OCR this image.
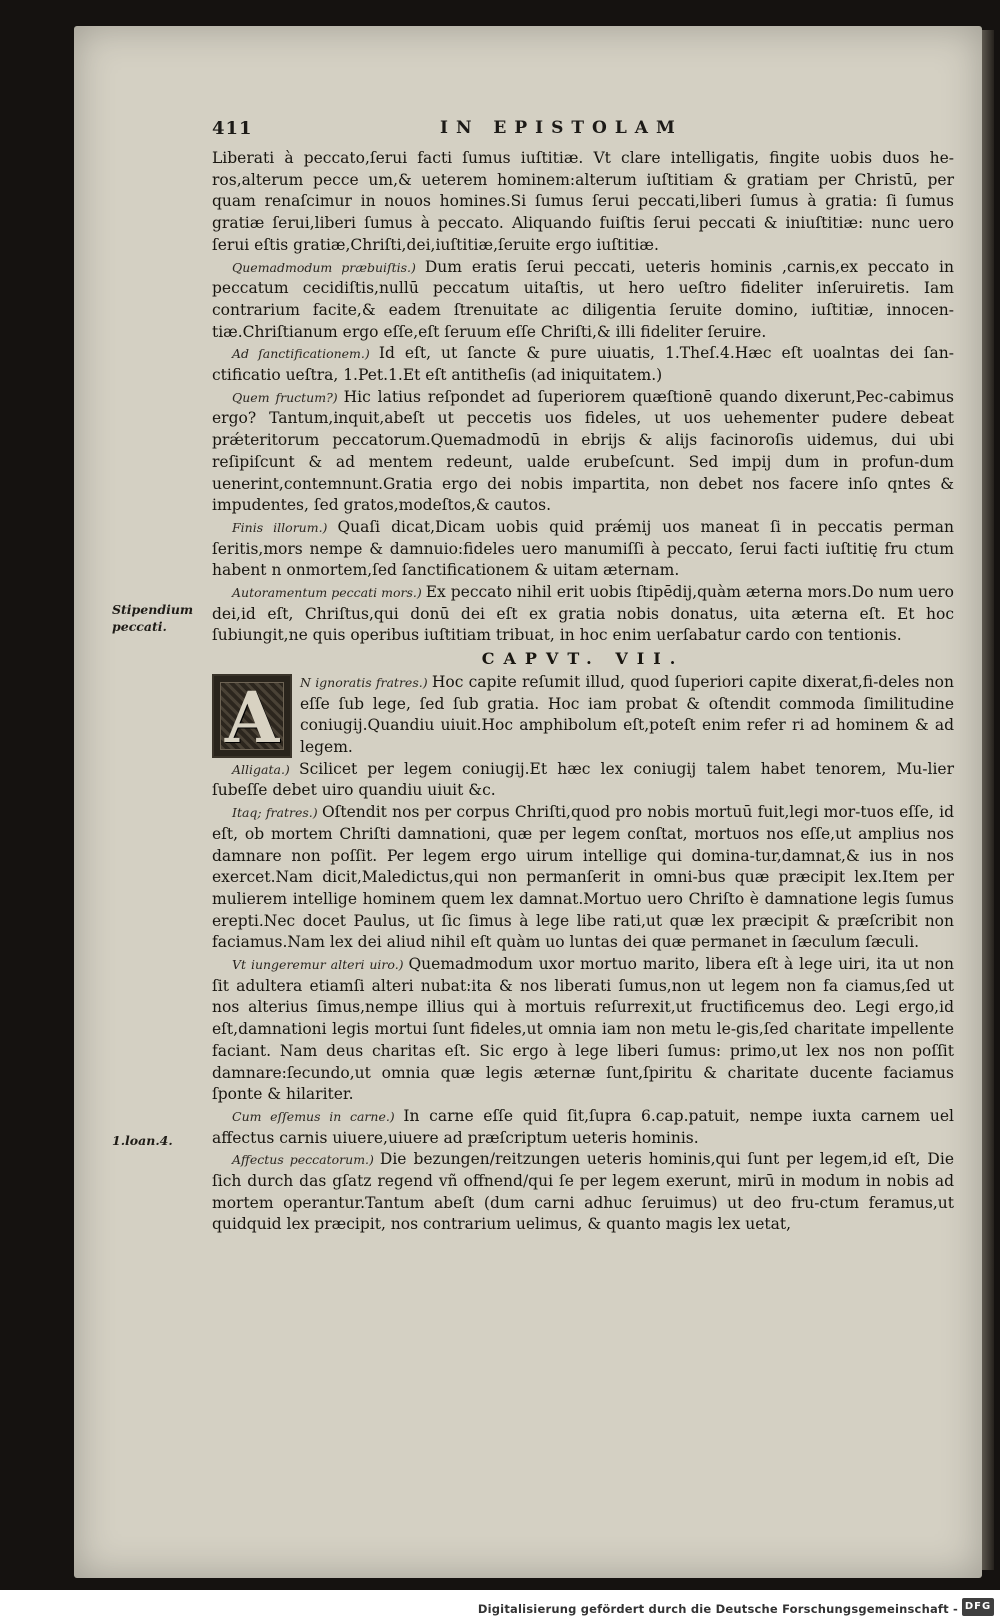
411	IN EPISTOLAM
Stipendium peccati.
1.loan.4.

Liberati à peccato,ſerui facti ſumus iuſtitiæ. Vt clare intelligatis, fingite uobis duos he-ros,alterum pecce um,& ueterem hominem:alterum iuſtitiam & gratiam per Christū, per quam renaſcimur in nouos homines.Si ſumus ſerui peccati,liberi ſumus à gratia: ſi ſumus gratiæ ſerui,liberi ſumus à peccato. Aliquando fuiſtis ſerui peccati & iniuſtitiæ: nunc uero ſerui eſtis gratiæ,Chriſti,dei,iuſtitiæ,ſeruite ergo iuſtitiæ.

Quemadmodum præbuiſtis.) Dum eratis ſerui peccati, ueteris hominis ,carnis,ex peccato in peccatum cecidiſtis,nullū peccatum uitaſtis, ut hero ueſtro fideliter inſeruiretis. Iam contrarium facite,& eadem ſtrenuitate ac diligentia ſeruite domino, iuſtitiæ, innocen-tiæ.Chriſtianum ergo eſſe,eſt ſeruum eſſe Chriſti,& illi fideliter ſeruire.

Ad ſanctificationem.) Id eſt, ut ſancte & pure uiuatis, 1.Theſ.4.Hæc eſt uoalntas dei ſan-ctificatio ueſtra, 1.Pet.1.Et eſt antitheſis (ad iniquitatem.)

Quem fructum?) Hic latius reſpondet ad ſuperiorem quæſtionē quando dixerunt,Pec-cabimus ergo? Tantum,inquit,abeſt ut peccetis uos fideles, ut uos uehementer pudere debeat prǽteritorum peccatorum.Quemadmodū in ebrijs & alijs facinoroſis uidemus, dui ubi reſipiſcunt & ad mentem redeunt, ualde erubeſcunt. Sed impij dum in profun-dum uenerint,contemnunt.Gratia ergo dei nobis impartita, non debet nos facere inſo qntes & impudentes, ſed gratos,modeſtos,& cautos.

Finis illorum.) Quaſi dicat,Dicam uobis quid prǽmij uos maneat ſi in peccatis perman ſeritis,mors nempe & damnuio:fideles uero manumiſſi à peccato, ſerui facti iuſtitię fru ctum habent n onmortem,ſed ſanctificationem & uitam æternam.

Autoramentum peccati mors.) Ex peccato nihil erit uobis ſtipēdij,quàm æterna mors.Do num uero dei,id eſt, Chriſtus,qui donū dei eſt ex gratia nobis donatus, uita æterna eſt. Et hoc ſubiungit,ne quis operibus iuſtitiam tribuat, in hoc enim uerſabatur cardo con tentionis.

CAPVT. VII.
A	N ignoratis fratres.) Hoc capite reſumit illud, quod ſuperiori capite dixerat,fi-deles non eſſe ſub lege, ſed ſub gratia. Hoc iam probat & oſtendit commoda ſimilitudine coniugij.Quandiu uiuit.Hoc amphibolum eſt,poteſt enim refer ri ad hominem & ad legem.

Alligata.) Scilicet per legem coniugij.Et hæc lex coniugij talem habet tenorem, Mu-lier ſubeſſe debet uiro quandiu uiuit &c.

Itaq; fratres.) Oſtendit nos per corpus Chriſti,quod pro nobis mortuū fuit,legi mor-tuos eſſe, id eſt, ob mortem Chriſti damnationi, quæ per legem conſtat, mortuos nos eſſe,ut amplius nos damnare non poſſit. Per legem ergo uirum intellige qui domina-tur,damnat,& ius in nos exercet.Nam dicit,Maledictus,qui non permanſerit in omni-bus quæ præcipit lex.Item per mulierem intellige hominem quem lex damnat.Mortuo uero Chriſto è damnatione legis ſumus erepti.Nec docet Paulus, ut ſic ſimus à lege libe rati,ut quæ lex præcipit & præſcribit non faciamus.Nam lex dei aliud nihil eſt quàm uo luntas dei quæ permanet in ſæculum ſæculi.

Vt iungeremur alteri uiro.) Quemadmodum uxor mortuo marito, libera eſt à lege uiri, ita ut non ſit adultera etiamſi alteri nubat:ita & nos liberati ſumus,non ut legem non fa ciamus,ſed ut nos alterius ſimus,nempe illius qui à mortuis reſurrexit,ut fructificemus deo. Legi ergo,id eſt,damnationi legis mortui ſunt fideles,ut omnia iam non metu le-gis,ſed charitate impellente faciant. Nam deus charitas eſt. Sic ergo à lege liberi ſumus: primo,ut lex nos non poſſit damnare:ſecundo,ut omnia quæ legis æternæ ſunt,ſpiritu & charitate ducente faciamus ſponte & hilariter.

Cum eſſemus in carne.) In carne eſſe quid ſit,ſupra 6.cap.patuit, nempe iuxta carnem uel affectus carnis uiuere,uiuere ad præſcriptum ueteris hominis.

Affectus peccatorum.) Die bezungen/reitzungen ueteris hominis,qui ſunt per legem,id eſt, Die ſich durch das gſatz regend vñ offnend/qui ſe per legem exerunt, mirū in modum in nobis ad mortem operantur.Tantum abeſt (dum carni adhuc ſeruimus) ut deo fru-ctum feramus,ut quidquid lex præcipit, nos contrarium uelimus, & quanto magis lex uetat,

Digitalisierung gefördert durch die Deutsche Forschungsgemeinschaft - DFG
